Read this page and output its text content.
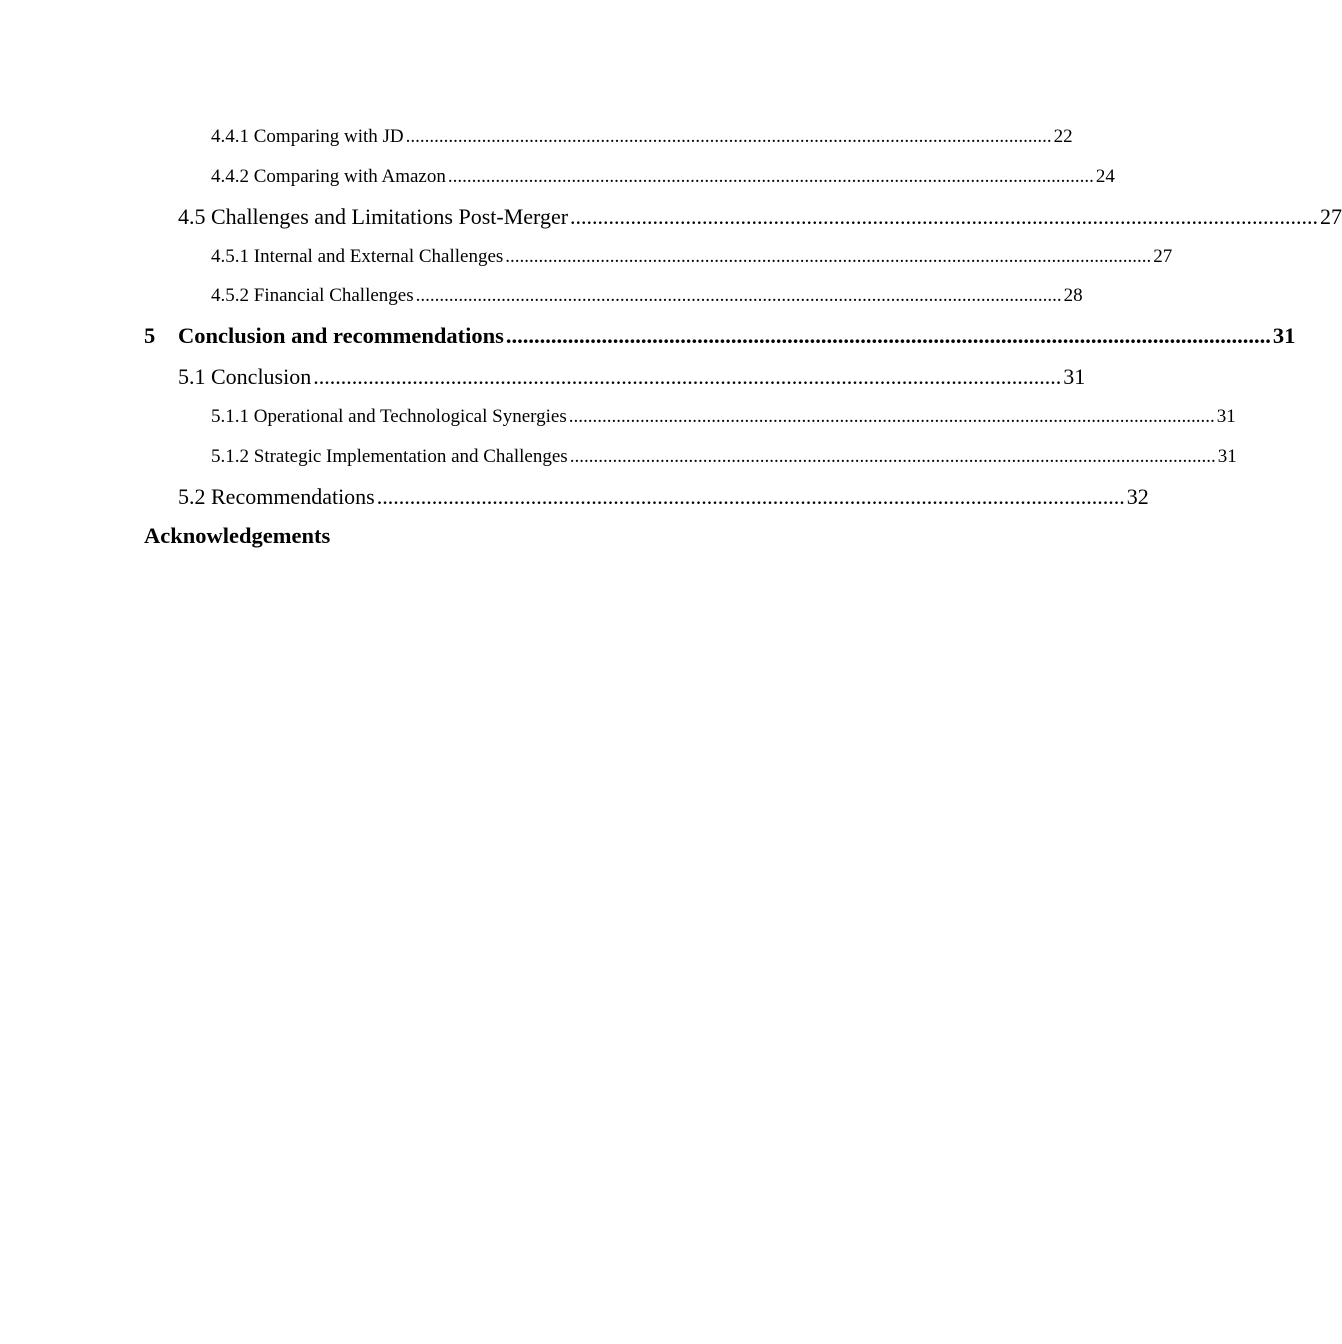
4.4.1 Comparing with JD ........................................................................................................................................ 22
4.4.2 Comparing with Amazon ........................................................................................................................................ 24
4.5 Challenges and Limitations Post-Merger ........................................................................................................................................ 27
4.5.1 Internal and External Challenges ........................................................................................................................................ 27
4.5.2 Financial Challenges ........................................................................................................................................ 28
5 Conclusion and recommendations ........................................................................................................................................ 31
5.1 Conclusion ........................................................................................................................................ 31
5.1.1 Operational and Technological Synergies ........................................................................................................................................ 31
5.1.2 Strategic Implementation and Challenges ........................................................................................................................................ 31
5.2 Recommendations ........................................................................................................................................ 32
Acknowledgements
